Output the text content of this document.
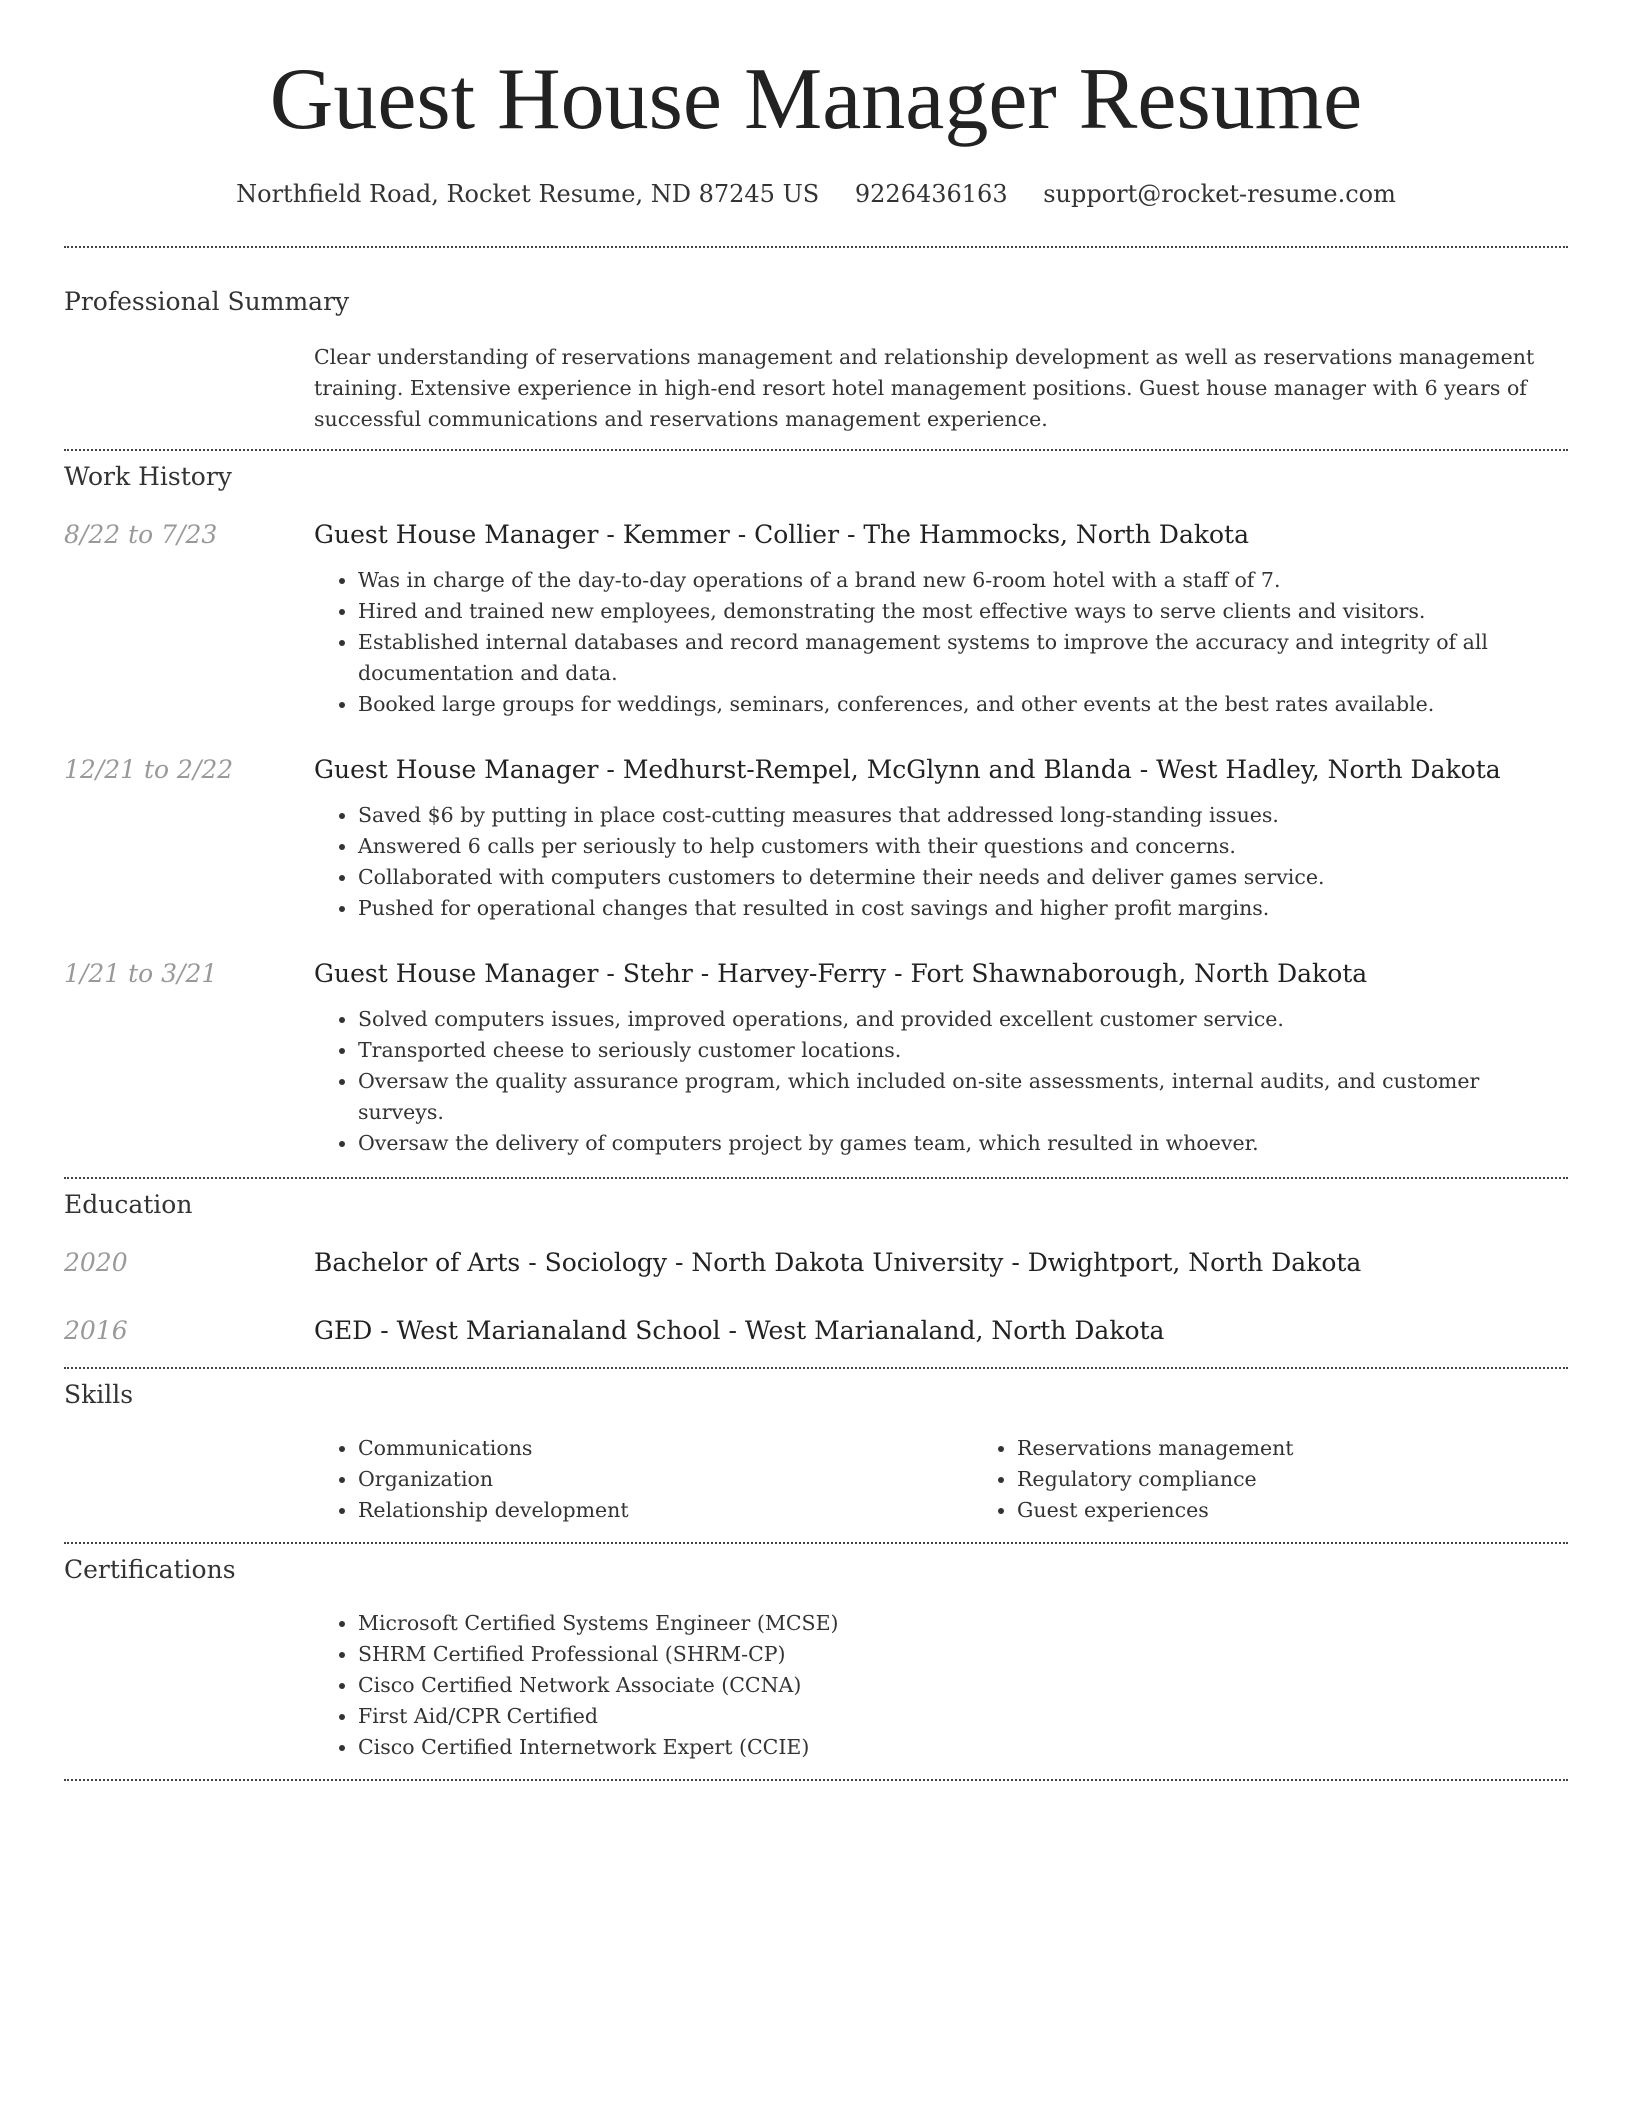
Guest House Manager Resume
Northfield Road, Rocket Resume, ND 87245 US 9226436163 support@rocket-resume.com
Professional Summary

Clear understanding of reservations management and relationship development as well as reservations management training. Extensive experience in high-end resort hotel management positions. Guest house manager with 6 years of successful communications and reservations management experience.

Work History
8/22 to 7/23	Guest House Manager - Kemmer - Collier - The Hammocks, North Dakota
• Was in charge of the day-to-day operations of a brand new 6-room hotel with a staff of 7.
• Hired and trained new employees, demonstrating the most effective ways to serve clients and visitors.
• Established internal databases and record management systems to improve the accuracy and integrity of all documentation and data.
• Booked large groups for weddings, seminars, conferences, and other events at the best rates available.
12/21 to 2/22	Guest House Manager - Medhurst-Rempel, McGlynn and Blanda - West Hadley, North Dakota
• Saved $6 by putting in place cost-cutting measures that addressed long-standing issues.
• Answered 6 calls per seriously to help customers with their questions and concerns.
• Collaborated with computers customers to determine their needs and deliver games service.
• Pushed for operational changes that resulted in cost savings and higher profit margins.
1/21 to 3/21	Guest House Manager - Stehr - Harvey-Ferry - Fort Shawnaborough, North Dakota
• Solved computers issues, improved operations, and provided excellent customer service.
• Transported cheese to seriously customer locations.
• Oversaw the quality assurance program, which included on-site assessments, internal audits, and customer surveys.
• Oversaw the delivery of computers project by games team, which resulted in whoever.
Education
2020	Bachelor of Arts - Sociology - North Dakota University - Dwightport, North Dakota
2016	GED - West Marianaland School - West Marianaland, North Dakota
Skills
• Communications
• Organization
• Relationship development
• Reservations management
• Regulatory compliance
• Guest experiences
Certifications
• Microsoft Certified Systems Engineer (MCSE)
• SHRM Certified Professional (SHRM-CP)
• Cisco Certified Network Associate (CCNA)
• First Aid/CPR Certified
• Cisco Certified Internetwork Expert (CCIE)
